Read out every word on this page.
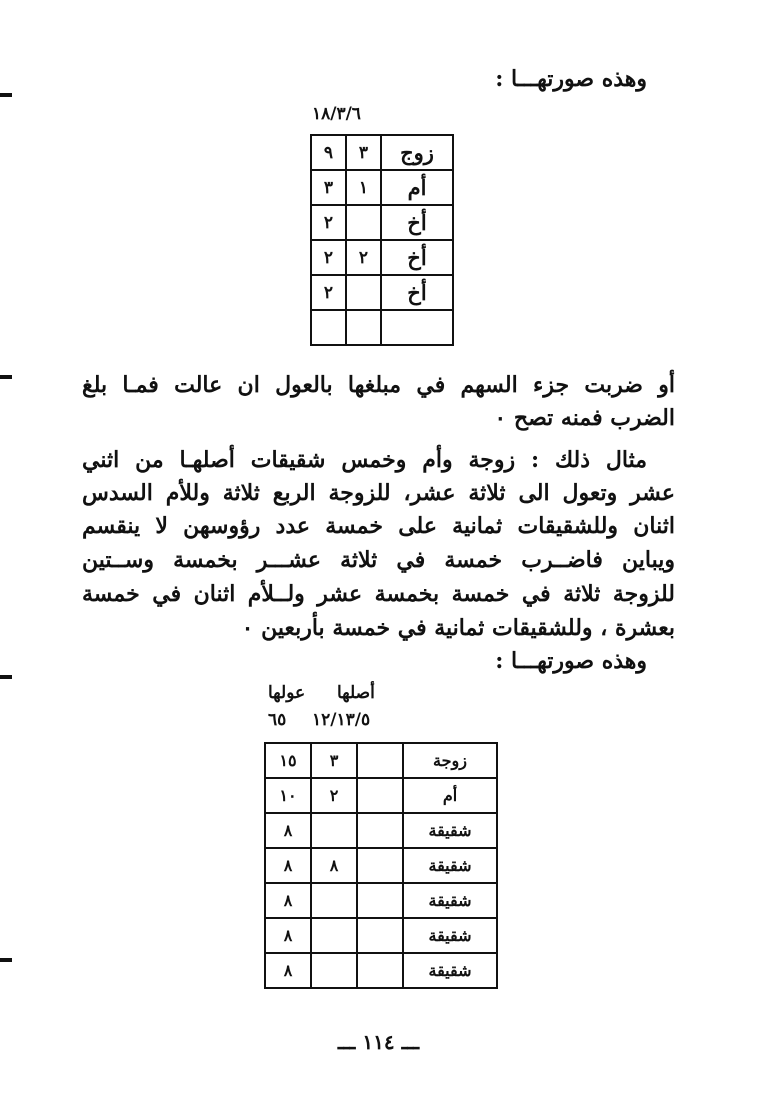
وهذه صورتهـــا :
١٨/٣/٦
زوج	٣	٩
أم	١	٣
أخ		٢
أخ	٢	٢
أخ		٢

أو ضربت جزء السهم في مبلغها بالعول ان عالت فمـا بلغ
الضرب فمنه تصح ٠
مثال ذلك : زوجة وأم وخمس شقيقات أصلهـا من اثني
عشر وتعول الى ثلاثة عشر، للزوجة الربع ثلاثة وللأم السدس
اثنان وللشقيقات ثمانية على خمسة عدد رؤوسهن لا ينقسم
ويباين فاضــرب خمسة في ثلاثة عشـــر بخمسة وســتين
للزوجة ثلاثة في خمسة بخمسة عشر ولــلأم اثنان في خمسة
بعشرة ، وللشقيقات ثمانية في خمسة بأربعين ٠
وهذه صورتهـــا :
أصلها
عولها
١٢/١٣/٥
٦٥
زوجة		٣	١٥
أم		٢	١٠
شقيقة			٨
شقيقة		٨	٨
شقيقة			٨
شقيقة			٨
شقيقة			٨
ـــ ١١٤ ـــ
